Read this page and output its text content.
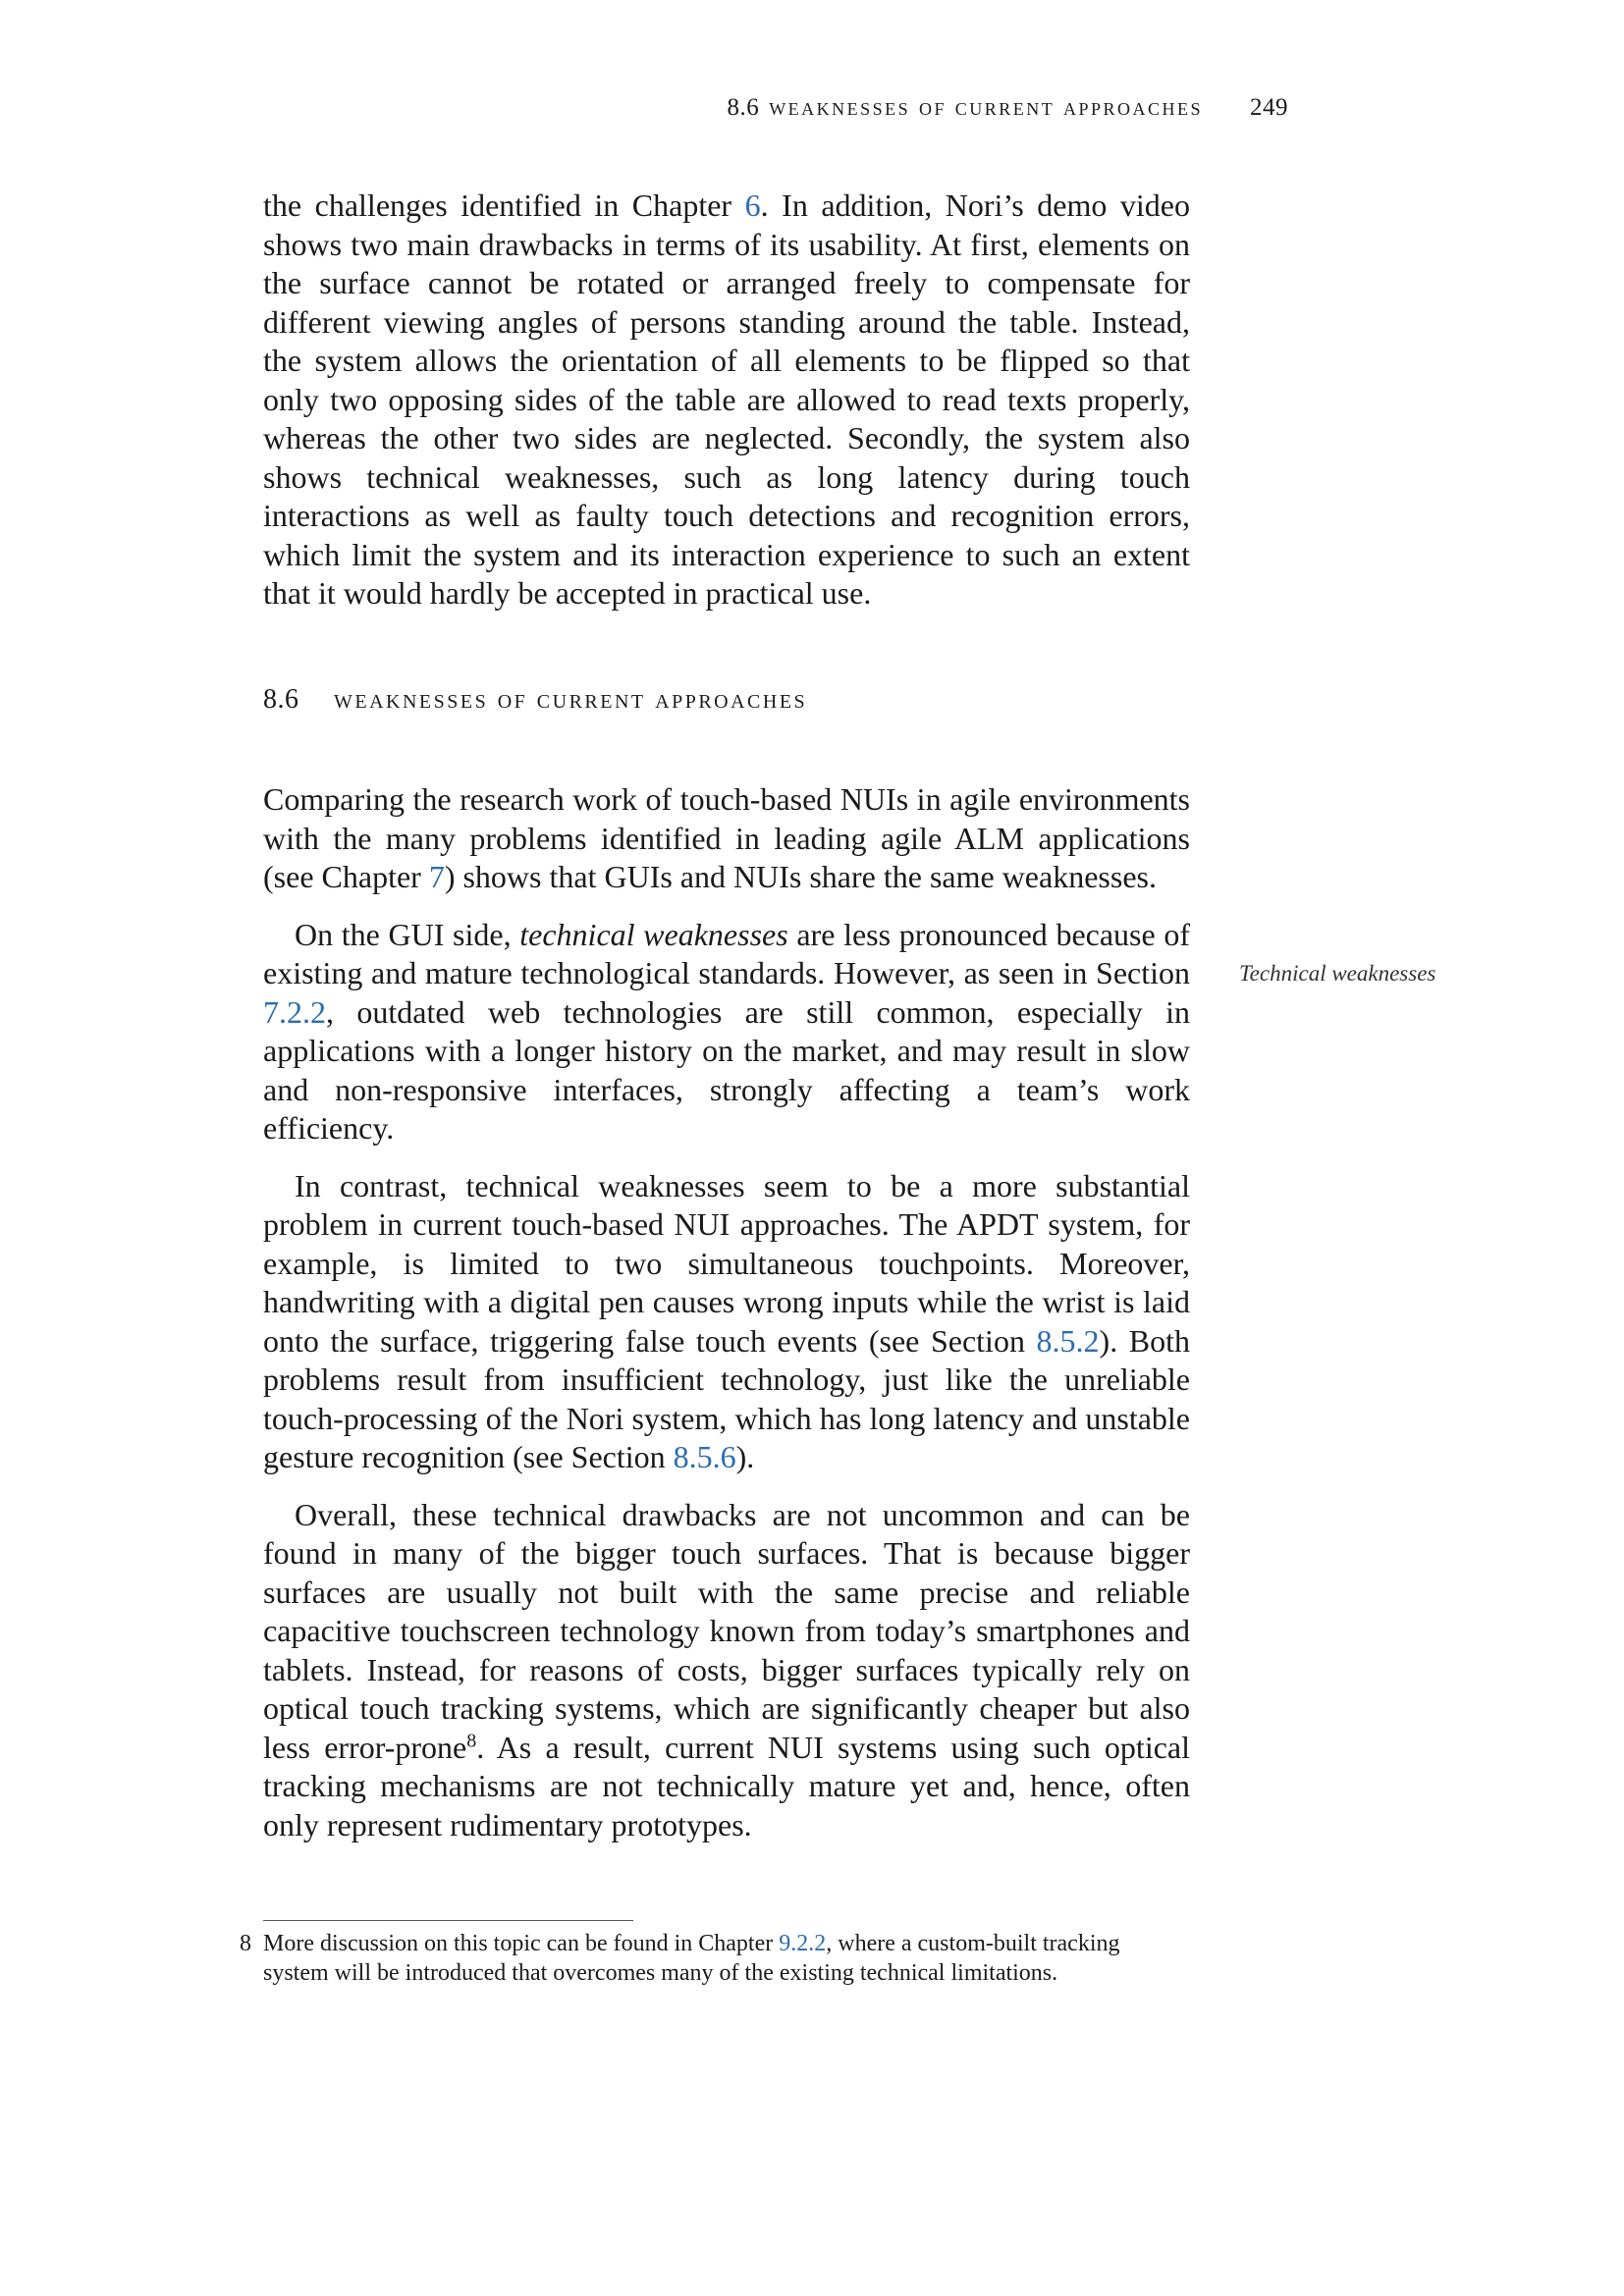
8.6 weaknesses of current approaches 249

the challenges identified in Chapter 6. In addition, Nori’s demo video shows two main drawbacks in terms of its usability. At first, elements on the surface cannot be rotated or arranged freely to compensate for different viewing angles of persons standing around the table. Instead, the system allows the orientation of all elements to be flipped so that only two opposing sides of the table are allowed to read texts properly, whereas the other two sides are neglected. Secondly, the system also shows technical weaknesses, such as long latency during touch interactions as well as faulty touch detections and recognition errors, which limit the system and its interaction experience to such an extent that it would hardly be accepted in practical use.

8.6 weaknesses of current approaches

Comparing the research work of touch-based NUIs in agile environments with the many problems identified in leading agile ALM applications (see Chapter 7) shows that GUIs and NUIs share the same weaknesses.

On the GUI side, technical weaknesses are less pronounced because of existing and mature technological standards. However, as seen in Section 7.2.2, outdated web technologies are still common, especially in applications with a longer history on the market, and may result in slow and non-responsive interfaces, strongly affecting a team’s work efficiency.

In contrast, technical weaknesses seem to be a more substantial problem in current touch-based NUI approaches. The APDT system, for example, is limited to two simultaneous touchpoints. Moreover, handwriting with a digital pen causes wrong inputs while the wrist is laid onto the surface, triggering false touch events (see Section 8.5.2). Both problems result from insufficient technology, just like the unreliable touch-processing of the Nori system, which has long latency and unstable gesture recognition (see Section 8.5.6).

Overall, these technical drawbacks are not uncommon and can be found in many of the bigger touch surfaces. That is because bigger surfaces are usually not built with the same precise and reliable capacitive touchscreen technology known from today’s smartphones and tablets. Instead, for reasons of costs, bigger surfaces typically rely on optical touch tracking systems, which are significantly cheaper but also less error-prone$^8$. As a result, current NUI systems using such optical tracking mechanisms are not technically mature yet and, hence, often only represent rudimentary prototypes.

Technical weaknesses
8 More discussion on this topic can be found in Chapter 9.2.2, where a custom-built tracking system will be introduced that overcomes many of the existing technical limitations.
